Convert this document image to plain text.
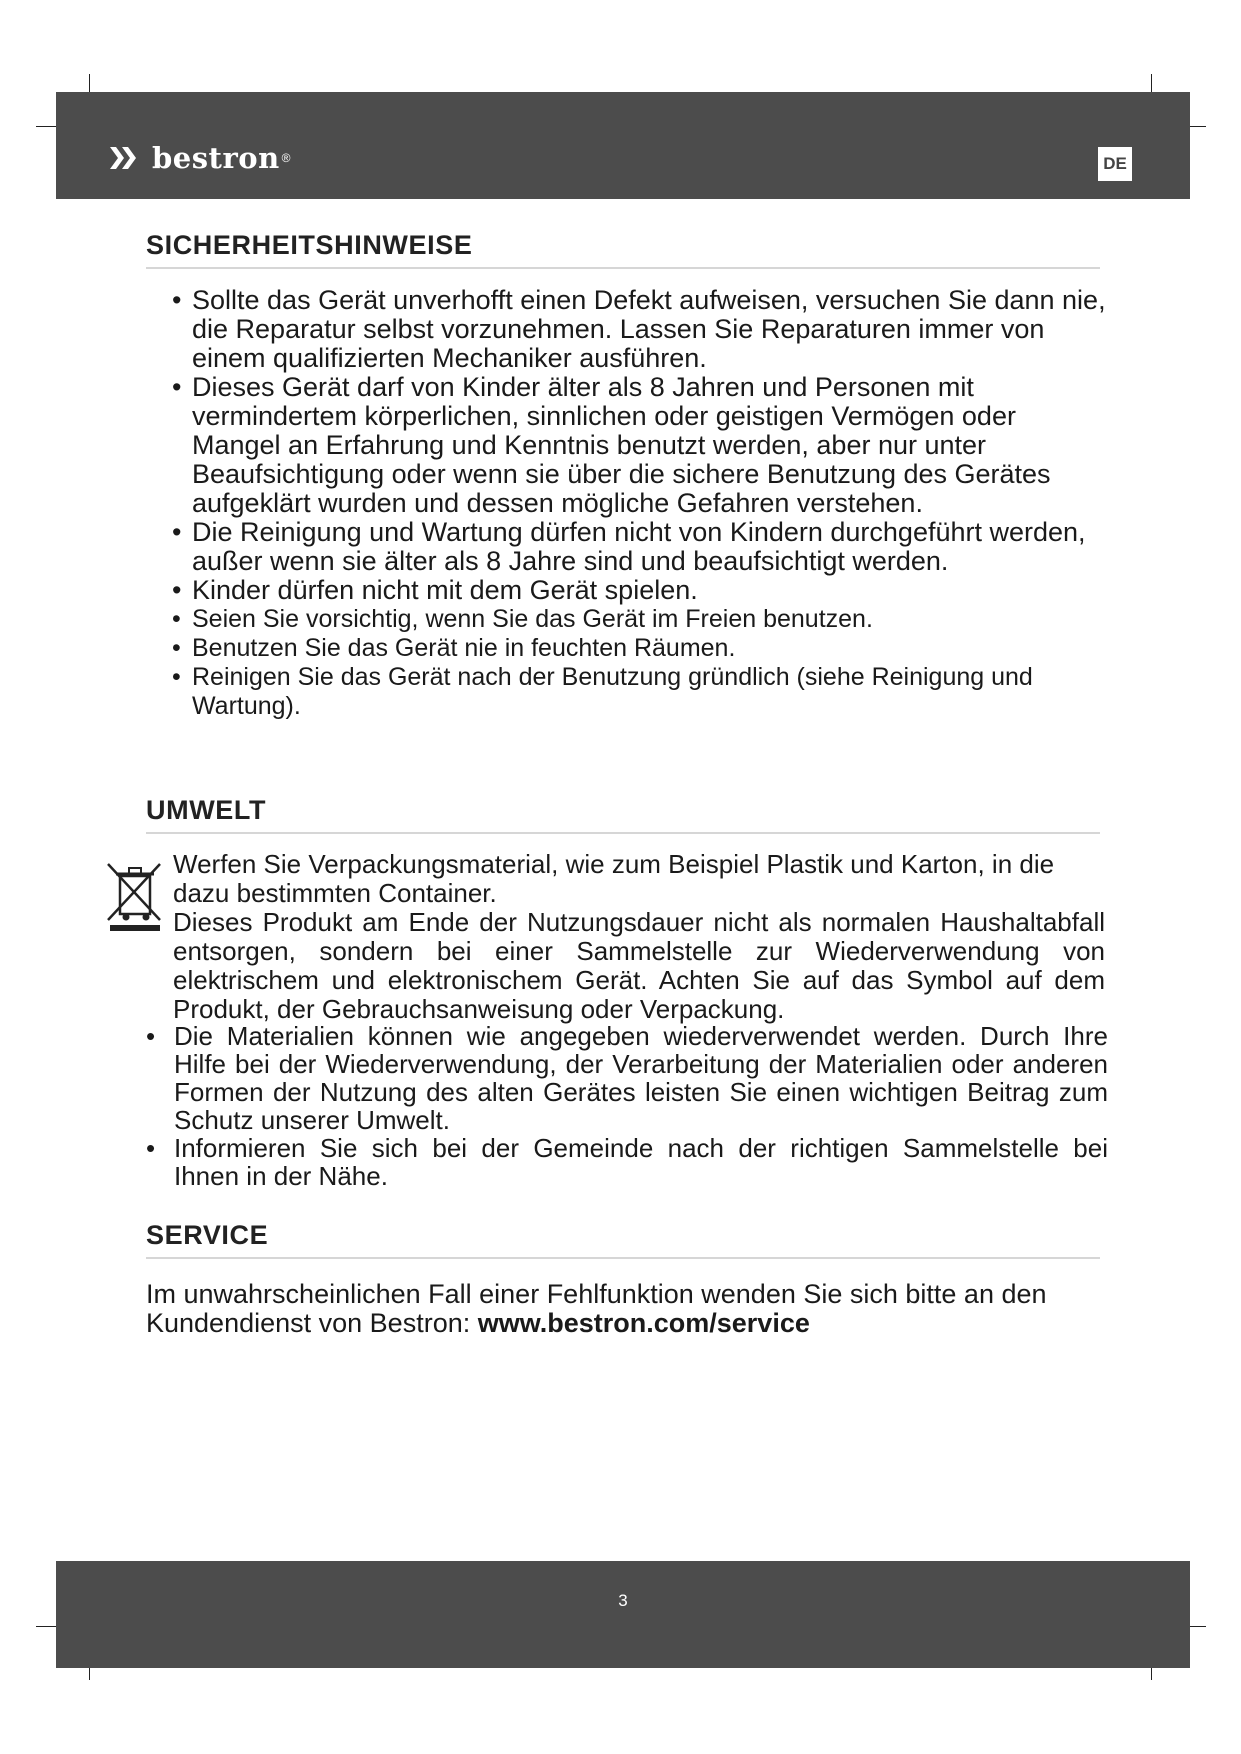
bestron ®	DE
SICHERHEITSHINWEISE
• Sollte das Gerät unverhofft einen Defekt aufweisen, versuchen Sie dann nie, die Reparatur selbst vorzunehmen. Lassen Sie Reparaturen immer von einem qualifizierten Mechaniker ausführen.
• Dieses Gerät darf von Kinder älter als 8 Jahren und Personen mit vermindertem körperlichen, sinnlichen oder geistigen Vermögen oder Mangel an Erfahrung und Kenntnis benutzt werden, aber nur unter Beaufsichtigung oder wenn sie über die sichere Benutzung des Gerätes aufgeklärt wurden und dessen mögliche Gefahren verstehen.
• Die Reinigung und Wartung dürfen nicht von Kindern durchgeführt werden, außer wenn sie älter als 8 Jahre sind und beaufsichtigt werden.
• Kinder dürfen nicht mit dem Gerät spielen.
• Seien Sie vorsichtig, wenn Sie das Gerät im Freien benutzen.
• Benutzen Sie das Gerät nie in feuchten Räumen.
• Reinigen Sie das Gerät nach der Benutzung gründlich (siehe Reinigung und Wartung).
UMWELT

Werfen Sie Verpackungsmaterial, wie zum Beispiel Plastik und Karton, in die dazu bestimmten Container.

Dieses Produkt am Ende der Nutzungsdauer nicht als normalen Haushaltabfall entsorgen, sondern bei einer Sammelstelle zur Wiederverwendung von elektrischem und elektronischem Gerät. Achten Sie auf das Symbol auf dem Produkt, der Gebrauchsanweisung oder Verpackung.

• Die Materialien können wie angegeben wiederverwendet werden. Durch Ihre Hilfe bei der Wiederverwendung, der Verarbeitung der Materialien oder anderen Formen der Nutzung des alten Gerätes leisten Sie einen wichtigen Beitrag zum Schutz unserer Umwelt.
• Informieren Sie sich bei der Gemeinde nach der richtigen Sammelstelle bei Ihnen in der Nähe.
SERVICE
Im unwahrscheinlichen Fall einer Fehlfunktion wenden Sie sich bitte an den Kundendienst von Bestron: www.bestron.com/service
3
